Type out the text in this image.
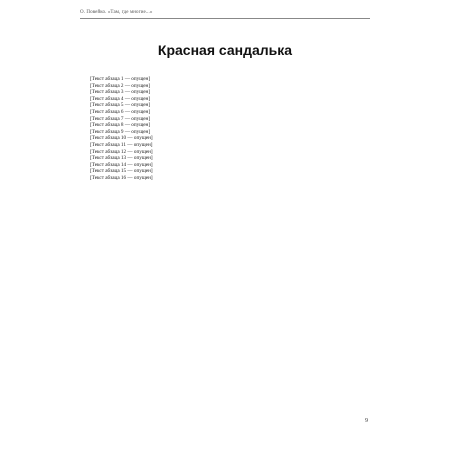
О. Повейко. «Там, где многие...»
Красная сандалька

[Текст абзаца 1 — опущен]

[Текст абзаца 2 — опущен]

[Текст абзаца 3 — опущен]

[Текст абзаца 4 — опущен]

[Текст абзаца 5 — опущен]

[Текст абзаца 6 — опущен]

[Текст абзаца 7 — опущен]

[Текст абзаца 8 — опущен]

[Текст абзаца 9 — опущен]

[Текст абзаца 10 — опущен]

[Текст абзаца 11 — опущен]

[Текст абзаца 12 — опущен]

[Текст абзаца 13 — опущен]

[Текст абзаца 14 — опущен]

[Текст абзаца 15 — опущен]

[Текст абзаца 16 — опущен]

9
